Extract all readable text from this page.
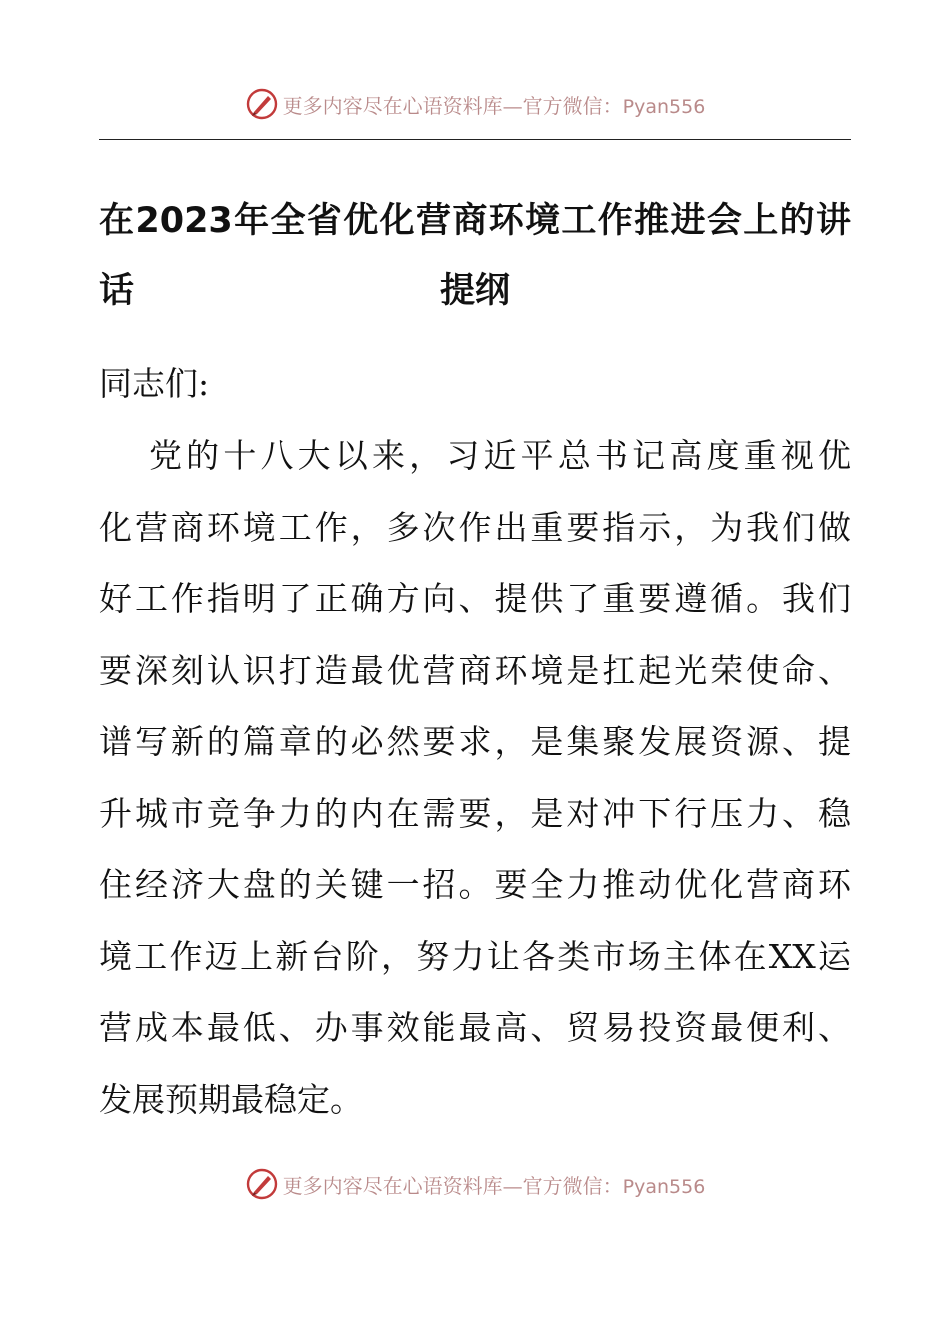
更多内容尽在心语资料库—官方微信：Pyan556
在2023年全省优化营商环境工作推进会上的讲话	提纲
同志们:
党的十八大以来，习近平总书记高度重视优
化营商环境工作，多次作出重要指示，为我们做
好工作指明了正确方向、提供了重要遵循。我们
要深刻认识打造最优营商环境是扛起光荣使命、
谱写新的篇章的必然要求，是集聚发展资源、提
升城市竞争力的内在需要，是对冲下行压力、稳
住经济大盘的关键一招。要全力推动优化营商环
境工作迈上新台阶，努力让各类市场主体在XX运
营成本最低、办事效能最高、贸易投资最便利、
发展预期最稳定。
更多内容尽在心语资料库—官方微信：Pyan556
